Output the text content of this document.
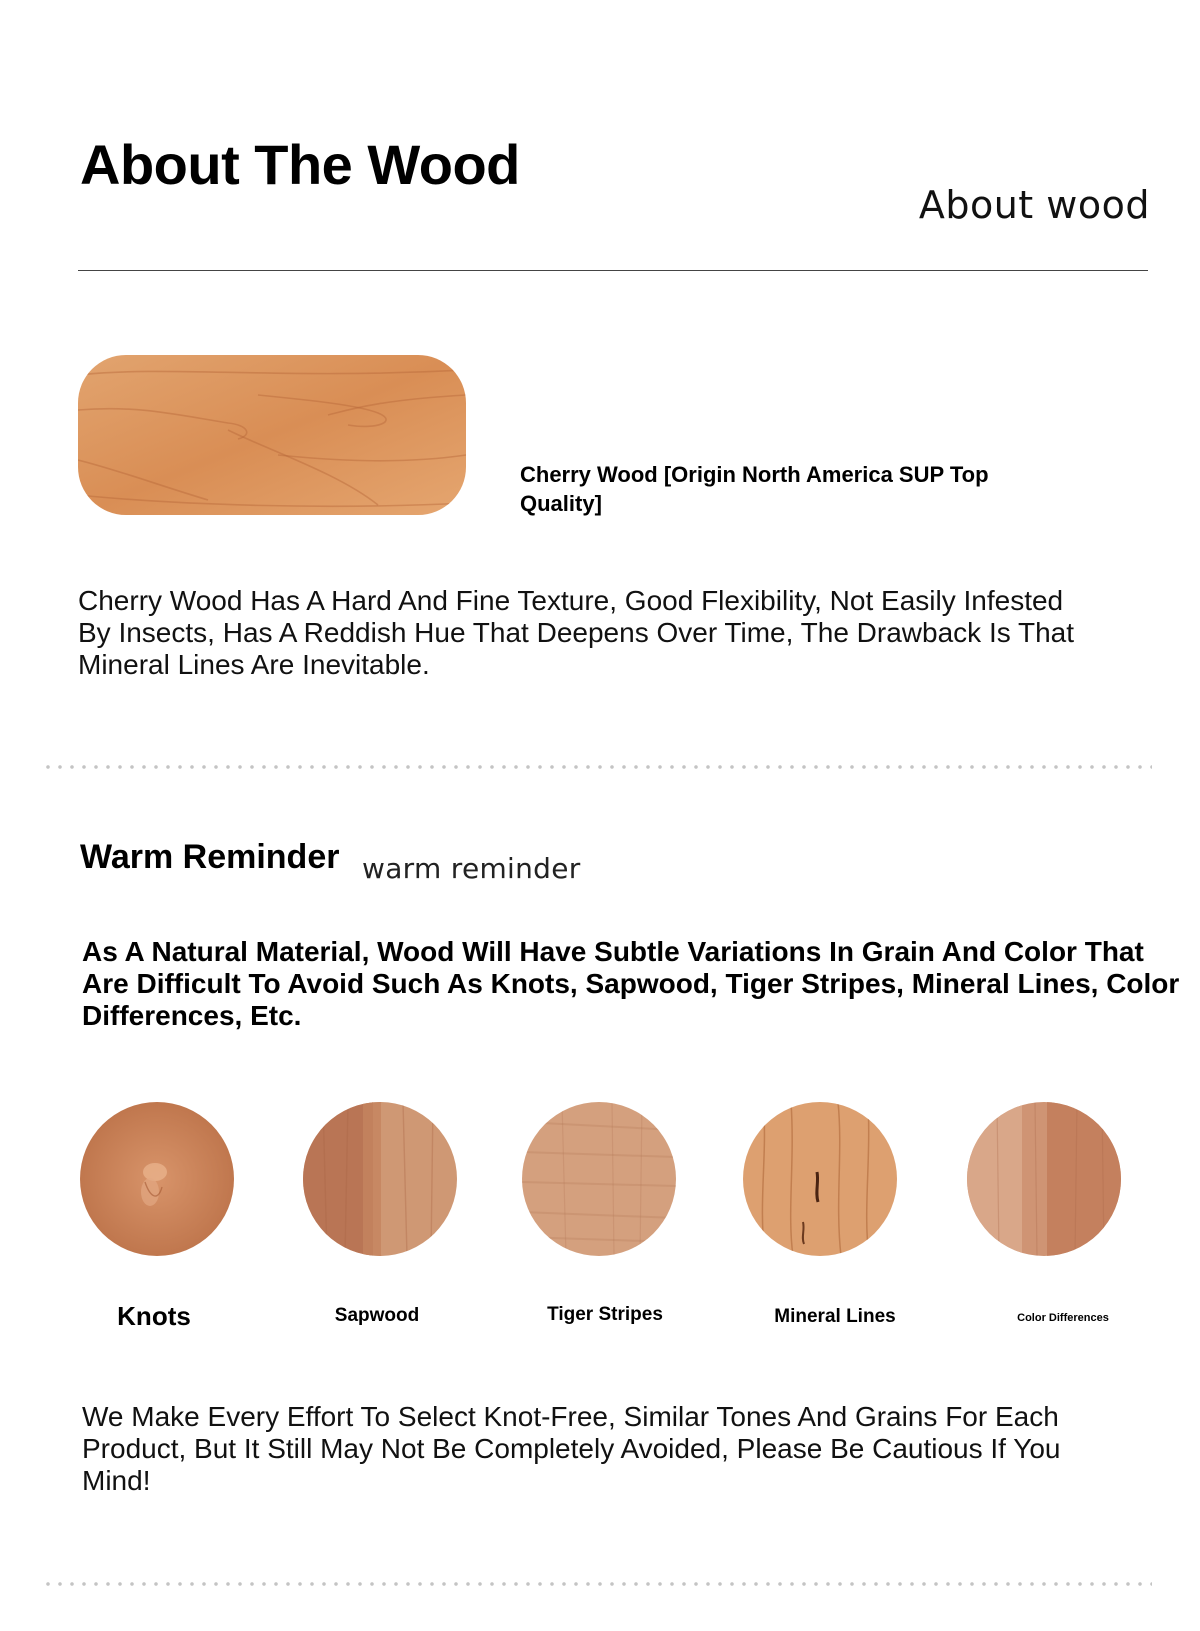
About The Wood
About wood
Cherry Wood [Origin North America SUP Top Quality]

Cherry Wood Has A Hard And Fine Texture, Good Flexibility, Not Easily Infested By Insects, Has A Reddish Hue That Deepens Over Time, The Drawback Is That Mineral Lines Are Inevitable.

Warm Reminder warm reminder

As A Natural Material, Wood Will Have Subtle Variations In Grain And Color That Are Difficult To Avoid Such As Knots, Sapwood, Tiger Stripes, Mineral Lines, Color Differences, Etc.

Knots	Sapwood	Tiger Stripes	Mineral Lines	Color Differences

We Make Every Effort To Select Knot-Free, Similar Tones And Grains For Each Product, But It Still May Not Be Completely Avoided, Please Be Cautious If You Mind!
